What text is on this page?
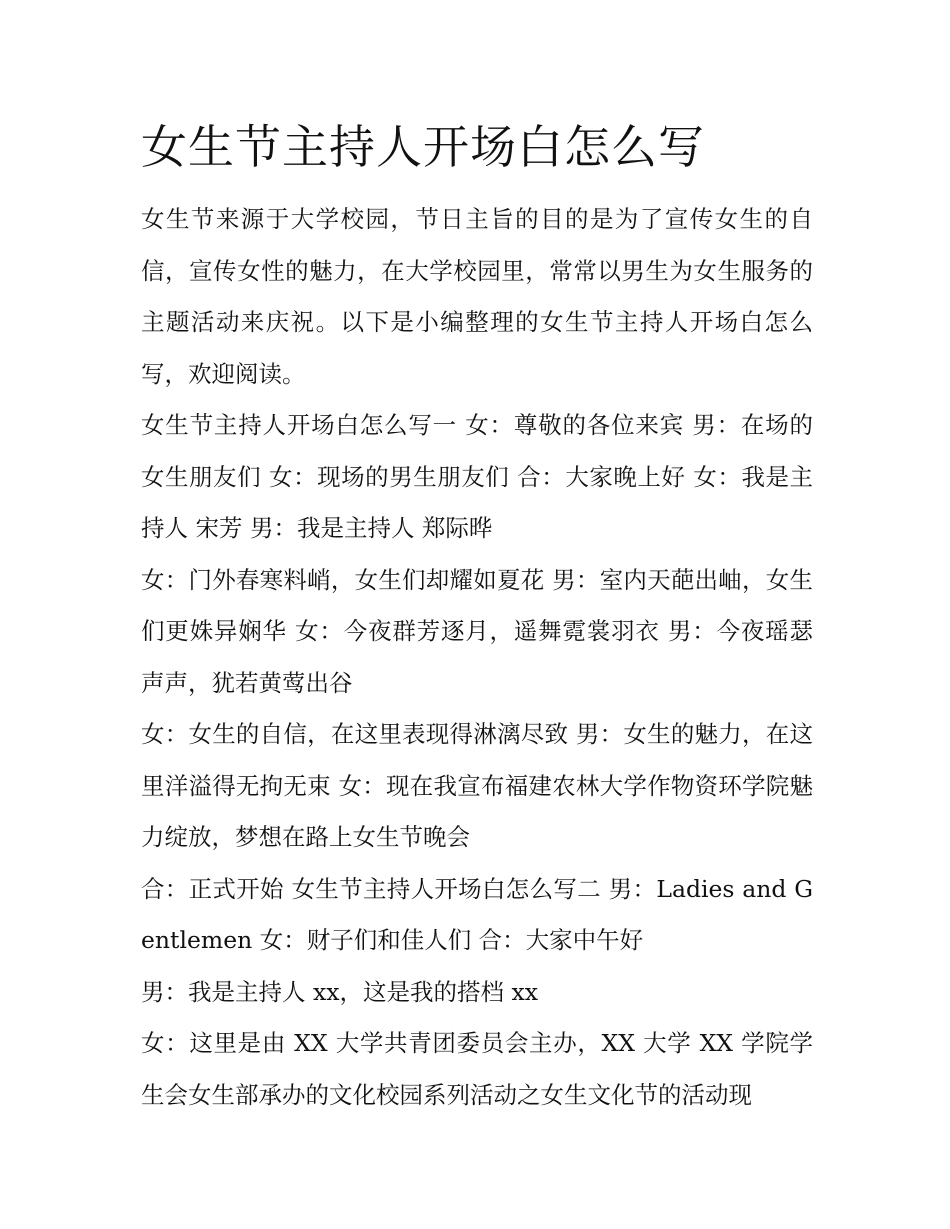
女生节主持人开场白怎么写

女生节来源于大学校园，节日主旨的目的是为了宣传女生的自信，宣传女性的魅力，在大学校园里，常常以男生为女生服务的主题活动来庆祝。以下是小编整理的女生节主持人开场白怎么写，欢迎阅读。

女生节主持人开场白怎么写一 女：尊敬的各位来宾 男：在场的女生朋友们 女：现场的男生朋友们 合：大家晚上好 女：我是主持人 宋芳 男：我是主持人 郑际晔

女：门外春寒料峭，女生们却耀如夏花 男：室内天葩出岫，女生们更姝异娴华 女：今夜群芳逐月，遥舞霓裳羽衣 男：今夜瑶瑟声声，犹若黄莺出谷

女：女生的自信，在这里表现得淋漓尽致 男：女生的魅力，在这里洋溢得无拘无束 女：现在我宣布福建农林大学作物资环学院魅力绽放，梦想在路上女生节晚会

合：正式开始 女生节主持人开场白怎么写二 男：Ladies and Gentlemen 女：财子们和佳人们 合：大家中午好

男：我是主持人 xx，这是我的搭档 xx

女：这里是由 XX 大学共青团委员会主办，XX 大学 XX 学院学生会女生部承办的文化校园系列活动之女生文化节的活动现
